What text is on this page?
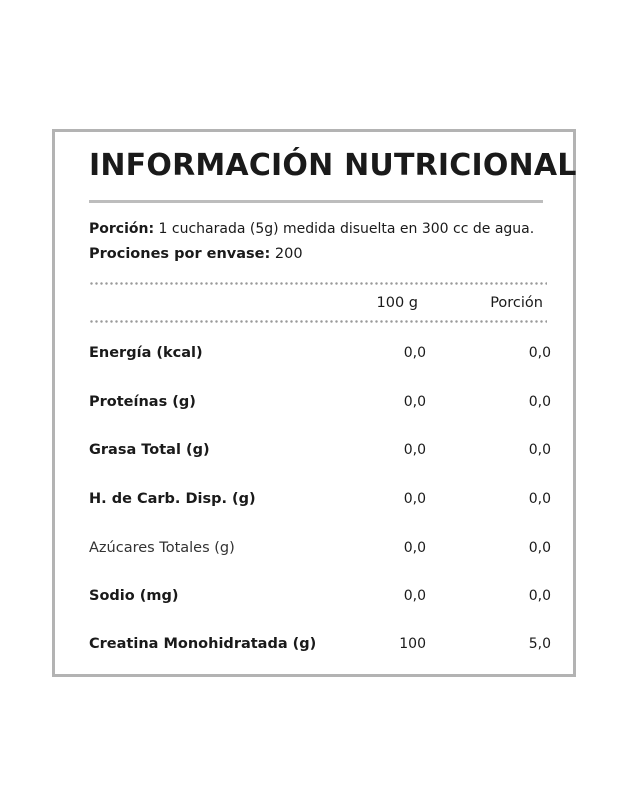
INFORMACIÓN NUTRICIONAL
Porción: 1 cucharada (5g) medida disuelta en 300 cc de agua.
Prociones por envase: 200
100 g	Porción
Energía (kcal)	0,0	0,0
Proteínas (g)	0,0	0,0
Grasa Total (g)	0,0	0,0
H. de Carb. Disp. (g)	0,0	0,0
Azúcares Totales (g)	0,0	0,0
Sodio (mg)	0,0	0,0
Creatina Monohidratada (g)	100	5,0
